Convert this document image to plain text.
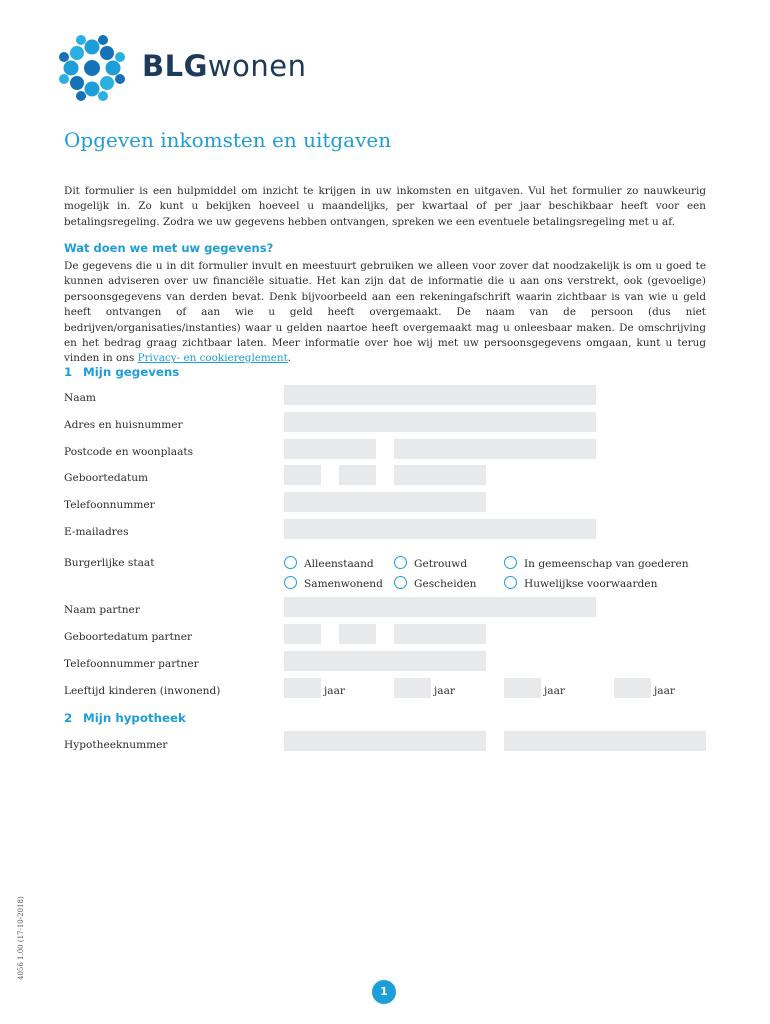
BLGwonen
Opgeven inkomsten en uitgaven
Dit formulier is een hulpmiddel om inzicht te krijgen in uw inkomsten en uitgaven. Vul het formulier zo nauwkeurig mogelijk in. Zo kunt u bekijken hoeveel u maandelijks, per kwartaal of per jaar beschikbaar heeft voor een betalingsregeling. Zodra we uw gegevens hebben ontvangen, spreken we een eventuele betalingsregeling met u af.
Wat doen we met uw gegevens?
De gegevens die u in dit formulier invult en meestuurt gebruiken we alleen voor zover dat noodzakelijk is om u goed te kunnen adviseren over uw financiële situatie. Het kan zijn dat de informatie die u aan ons verstrekt, ook (gevoelige) persoonsgegevens van derden bevat. Denk bijvoorbeeld aan een rekeningafschrift waarin zichtbaar is van wie u geld heeft ontvangen of aan wie u geld heeft overgemaakt. De naam van de persoon (dus niet bedrijven/organisaties/instanties) waar u gelden naartoe heeft overgemaakt mag u onleesbaar maken. De omschrijving en het bedrag graag zichtbaar laten. Meer informatie over hoe wij met uw persoonsgegevens omgaan, kunt u terug vinden in ons Privacy- en cookiereglement.
1 Mijn gegevens
Naam
Adres en huisnummer
Postcode en woonplaats
Geboortedatum
Telefoonnummer
E-mailadres
Burgerlijke staat	Alleenstaand	Getrouwd	In gemeenschap van goederen
Samenwonend	Gescheiden	Huwelijkse voorwaarden
Naam partner
Geboortedatum partner
Telefoonnummer partner
Leeftijd kinderen (inwonend)	jaar	jaar	jaar	jaar
2 Mijn hypotheek
Hypotheeknummer
4056 1.00 (17-10-2018)
1
